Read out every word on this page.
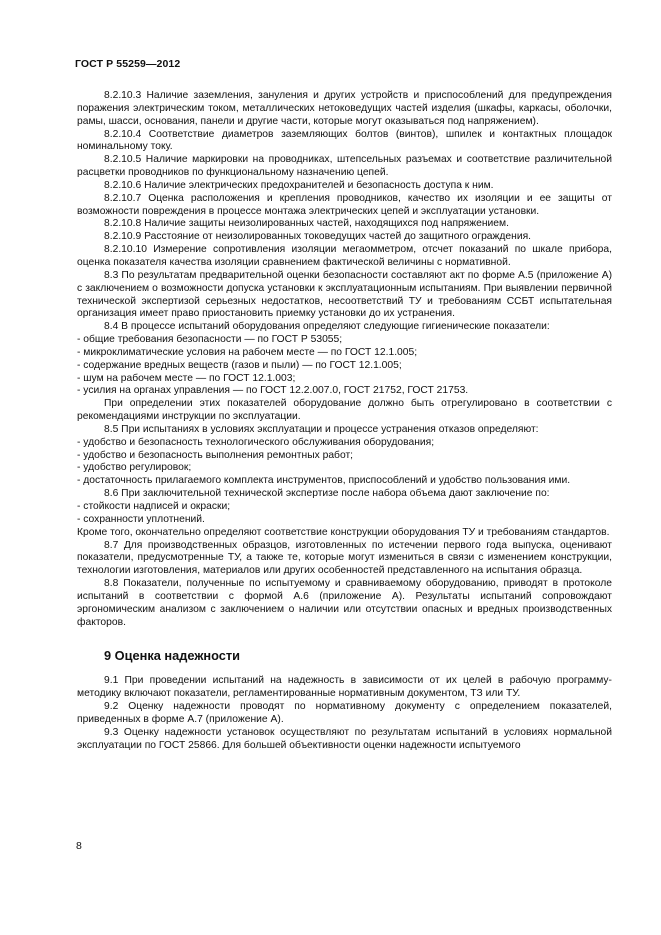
ГОСТ Р 55259—2012

8.2.10.3 Наличие заземления, зануления и других устройств и приспособлений для предупреждения поражения электрическим током, металлических нетоковедущих частей изделия (шкафы, каркасы, оболочки, рамы, шасси, основания, панели и другие части, которые могут оказываться под напряжением).

8.2.10.4 Соответствие диаметров заземляющих болтов (винтов), шпилек и контактных площадок номинальному току.

8.2.10.5 Наличие маркировки на проводниках, штепсельных разъемах и соответствие различительной расцветки проводников по функциональному назначению цепей.

8.2.10.6 Наличие электрических предохранителей и безопасность доступа к ним.

8.2.10.7 Оценка расположения и крепления проводников, качество их изоляции и ее защиты от возможности повреждения в процессе монтажа электрических цепей и эксплуатации установки.

8.2.10.8 Наличие защиты неизолированных частей, находящихся под напряжением.

8.2.10.9 Расстояние от неизолированных токоведущих частей до защитного ограждения.

8.2.10.10 Измерение сопротивления изоляции мегаомметром, отсчет показаний по шкале прибора, оценка показателя качества изоляции сравнением фактической величины с нормативной.

8.3 По результатам предварительной оценки безопасности составляют акт по форме А.5 (приложение А) с заключением о возможности допуска установки к эксплуатационным испытаниям. При выявлении первичной технической экспертизой серьезных недостатков, несоответствий ТУ и требованиям ССБТ испытательная организация имеет право приостановить приемку установки до их устранения.

8.4 В процессе испытаний оборудования определяют следующие гигиенические показатели:

- общие требования безопасности — по ГОСТ Р 53055;

- микроклиматические условия на рабочем месте — по ГОСТ 12.1.005;

- содержание вредных веществ (газов и пыли) — по ГОСТ 12.1.005;

- шум на рабочем месте — по ГОСТ 12.1.003;

- усилия на органах управления — по ГОСТ 12.2.007.0, ГОСТ 21752, ГОСТ 21753.

При определении этих показателей оборудование должно быть отрегулировано в соответствии с рекомендациями инструкции по эксплуатации.

8.5 При испытаниях в условиях эксплуатации и процессе устранения отказов определяют:

- удобство и безопасность технологического обслуживания оборудования;

- удобство и безопасность выполнения ремонтных работ;

- удобство регулировок;

- достаточность прилагаемого комплекта инструментов, приспособлений и удобство пользования ими.

8.6 При заключительной технической экспертизе после набора объема дают заключение по:

- стойкости надписей и окраски;

- сохранности уплотнений.

Кроме того, окончательно определяют соответствие конструкции оборудования ТУ и требованиям стандартов.

8.7 Для производственных образцов, изготовленных по истечении первого года выпуска, оценивают показатели, предусмотренные ТУ, а также те, которые могут измениться в связи с изменением конструкции, технологии изготовления, материалов или других особенностей представленного на испытания образца.

8.8 Показатели, полученные по испытуемому и сравниваемому оборудованию, приводят в протоколе испытаний в соответствии с формой А.6 (приложение А). Результаты испытаний сопровождают эргономическим анализом с заключением о наличии или отсутствии опасных и вредных производственных факторов.

9 Оценка надежности

9.1 При проведении испытаний на надежность в зависимости от их целей в рабочую программу-методику включают показатели, регламентированные нормативным документом, ТЗ или ТУ.

9.2 Оценку надежности проводят по нормативному документу с определением показателей, приведенных в форме А.7 (приложение А).

9.3 Оценку надежности установок осуществляют по результатам испытаний в условиях нормальной эксплуатации по ГОСТ 25866. Для большей объективности оценки надежности испытуемого

8
